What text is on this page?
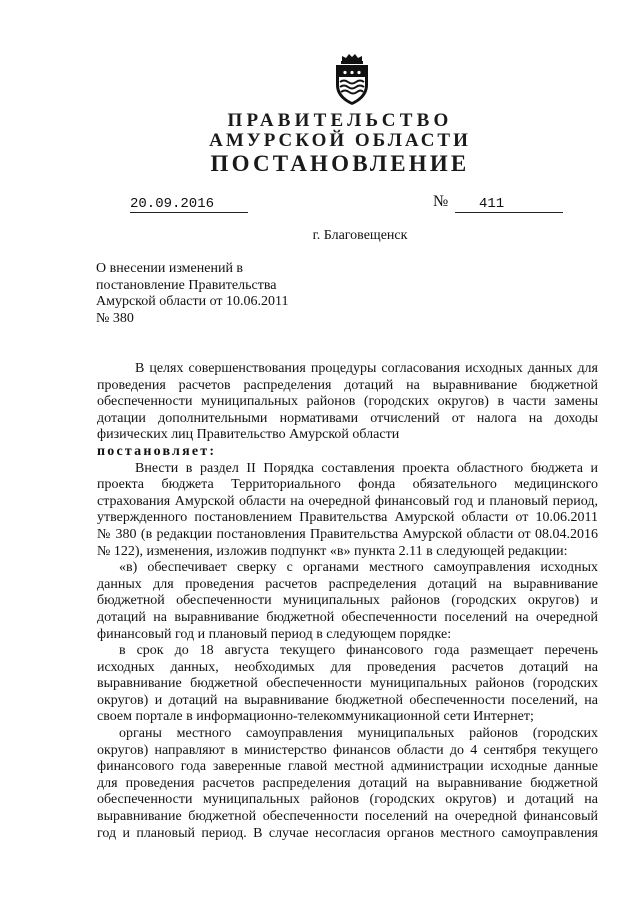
ПРАВИТЕЛЬСТВО
АМУРСКОЙ ОБЛАСТИ
ПОСТАНОВЛЕНИЕ
20.09.2016	№	411
г. Благовещенск
О внесении изменений в
постановление Правительства
Амурской области от 10.06.2011
№ 380
В целях совершенствования процедуры согласования исходных данных для
проведения расчетов распределения дотаций на выравнивание бюджетной
обеспеченности муниципальных районов (городских округов) в части замены
дотации дополнительными нормативами отчислений от налога на доходы
физических лиц Правительство Амурской области
постановляет:
Внести в раздел II Порядка составления проекта областного бюджета и
проекта бюджета Территориального фонда обязательного медицинского
страхования Амурской области на очередной финансовый год и плановый период,
утвержденного постановлением Правительства Амурской области от 10.06.2011
№ 380 (в редакции постановления Правительства Амурской области от 08.04.2016
№ 122), изменения, изложив подпункт «в» пункта 2.11 в следующей редакции:
«в) обеспечивает сверку с органами местного самоуправления исходных
данных для проведения расчетов распределения дотаций на выравнивание
бюджетной обеспеченности муниципальных районов (городских округов) и
дотаций на выравнивание бюджетной обеспеченности поселений на очередной
финансовый год и плановый период в следующем порядке:
в срок до 18 августа текущего финансового года размещает перечень
исходных данных, необходимых для проведения расчетов дотаций на
выравнивание бюджетной обеспеченности муниципальных районов (городских
округов) и дотаций на выравнивание бюджетной обеспеченности поселений, на
своем портале в информационно-телекоммуникационной сети Интернет;
органы местного самоуправления муниципальных районов (городских
округов) направляют в министерство финансов области до 4 сентября текущего
финансового года заверенные главой местной администрации исходные данные
для проведения расчетов распределения дотаций на выравнивание бюджетной
обеспеченности муниципальных районов (городских округов) и дотаций на
выравнивание бюджетной обеспеченности поселений на очередной финансовый
год и плановый период. В случае несогласия органов местного самоуправления
